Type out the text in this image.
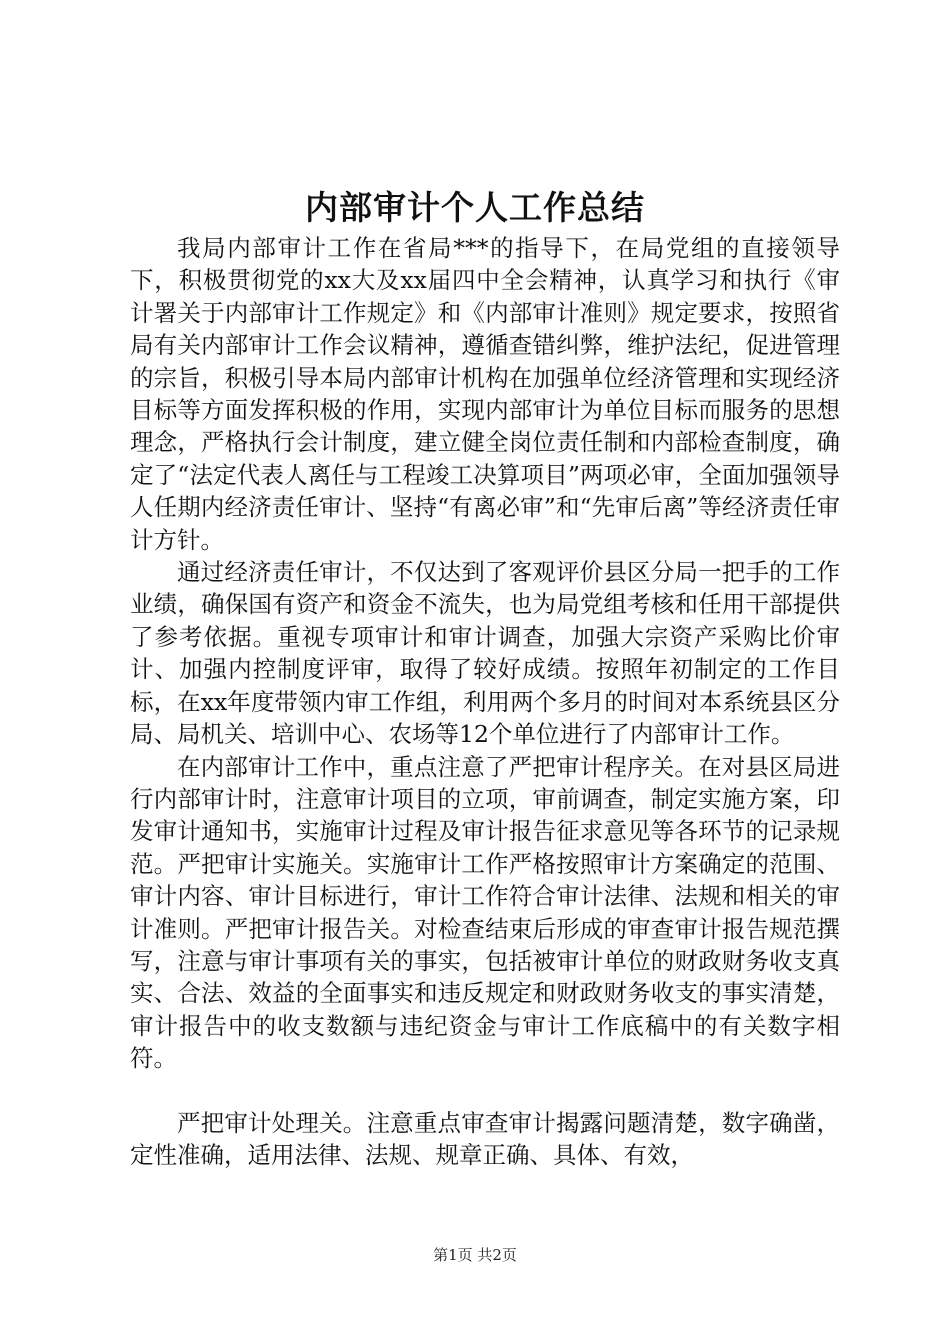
内部审计个人工作总结

我局内部审计工作在省局***的指导下，在局党组的直接领导下，积极贯彻党的xx大及xx届四中全会精神，认真学习和执行《审计署关于内部审计工作规定》和《内部审计准则》规定要求，按照省局有关内部审计工作会议精神，遵循查错纠弊，维护法纪，促进管理的宗旨，积极引导本局内部审计机构在加强单位经济管理和实现经济目标等方面发挥积极的作用，实现内部审计为单位目标而服务的思想理念，严格执行会计制度，建立健全岗位责任制和内部检查制度，确定了“法定代表人离任与工程竣工决算项目”两项必审，全面加强领导人任期内经济责任审计、坚持“有离必审”和“先审后离”等经济责任审计方针。

通过经济责任审计，不仅达到了客观评价县区分局一把手的工作业绩，确保国有资产和资金不流失，也为局党组考核和任用干部提供了参考依据。重视专项审计和审计调查，加强大宗资产采购比价审计、加强内控制度评审，取得了较好成绩。按照年初制定的工作目标，在xx年度带领内审工作组，利用两个多月的时间对本系统县区分局、局机关、培训中心、农场等12个单位进行了内部审计工作。

在内部审计工作中，重点注意了严把审计程序关。在对县区局进行内部审计时，注意审计项目的立项，审前调查，制定实施方案，印发审计通知书，实施审计过程及审计报告征求意见等各环节的记录规范。严把审计实施关。实施审计工作严格按照审计方案确定的范围、审计内容、审计目标进行，审计工作符合审计法律、法规和相关的审计准则。严把审计报告关。对检查结束后形成的审查审计报告规范撰写，注意与审计事项有关的事实，包括被审计单位的财政财务收支真实、合法、效益的全面事实和违反规定和财政财务收支的事实清楚，审计报告中的收支数额与违纪资金与审计工作底稿中的有关数字相符。

严把审计处理关。注意重点审查审计揭露问题清楚，数字确凿，定性准确，适用法律、法规、规章正确、具体、有效，

第1页 共2页
